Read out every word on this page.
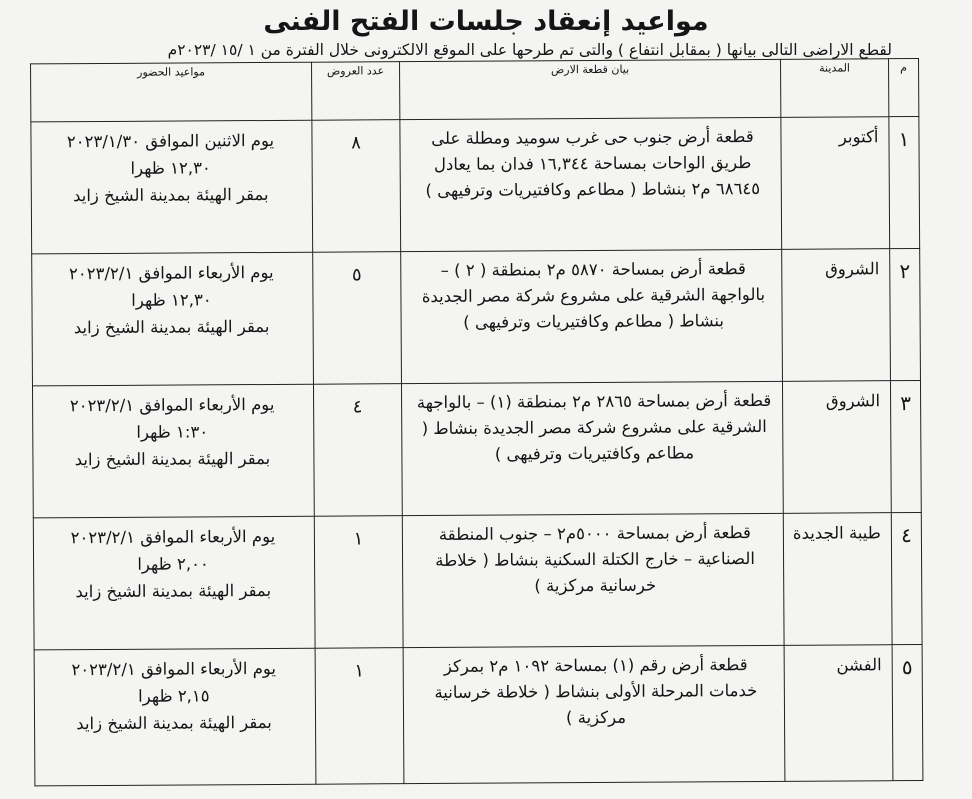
مواعيد إنعقاد جلسات الفتح الفنى
لقطع الاراضى التالى بيانها ( بمقابل انتفاع ) والتى تم طرحها على الموقع الالكترونى خلال الفترة من ١ /١٥ /٢٠٢٣م
م	المدينة	بيان قطعة الارض	عدد العروض	مواعيد الحضور
١	أكتوبر	قطعة أرض جنوب حى غرب سوميد ومطلة على طريق الواحات بمساحة ١٦,٣٤٤ فدان بما يعادل ٦٨٦٤٥ م٢ بنشاط ( مطاعم وكافتيريات وترفيهى )	٨	يوم الاثنين الموافق ٢٠٢٣/١/٣٠
١٢,٣٠ ظهرا
بمقر الهيئة بمدينة الشيخ زايد

٢	الشروق	قطعة أرض بمساحة ٥٨٧٠ م٢ بمنطقة ( ٢ ) – بالواجهة الشرقية على مشروع شركة مصر الجديدة بنشاط ( مطاعم وكافتيريات وترفيهى )	٥	يوم الأربعاء الموافق ٢٠٢٣/٢/١
١٢,٣٠ ظهرا
بمقر الهيئة بمدينة الشيخ زايد

٣	الشروق	قطعة أرض بمساحة ٢٨٦٥ م٢ بمنطقة (١) – بالواجهة الشرقية على مشروع شركة مصر الجديدة بنشاط ( مطاعم وكافتيريات وترفيهى )	٤	يوم الأربعاء الموافق ٢٠٢٣/٢/١
١:٣٠ ظهرا
بمقر الهيئة بمدينة الشيخ زايد

٤	طيبة الجديدة	قطعة أرض بمساحة ٥٠٠٠م٢ – جنوب المنطقة الصناعية – خارج الكتلة السكنية بنشاط ( خلاطة خرسانية مركزية )	١	يوم الأربعاء الموافق ٢٠٢٣/٢/١
٢,٠٠ ظهرا
بمقر الهيئة بمدينة الشيخ زايد

٥	الفشن	قطعة أرض رقم (١) بمساحة ١٠٩٢ م٢ بمركز خدمات المرحلة الأولى بنشاط ( خلاطة خرسانية مركزية )	١	يوم الأربعاء الموافق ٢٠٢٣/٢/١
٢,١٥ ظهرا
بمقر الهيئة بمدينة الشيخ زايد
